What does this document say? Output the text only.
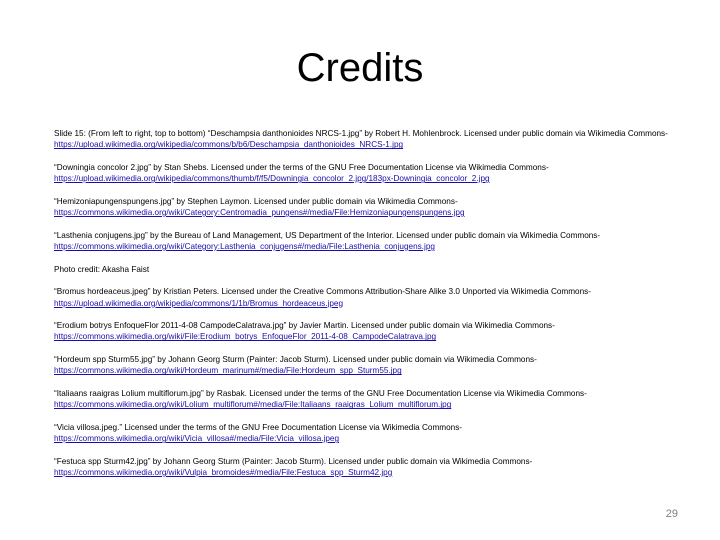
Credits

Slide 15: (From left to right, top to bottom) “Deschampsia danthonioides NRCS-1.jpg” by Robert H. Mohlenbrock. Licensed under public domain via Wikimedia Commons- https://upload.wikimedia.org/wikipedia/commons/b/b6/Deschampsia_danthonioides_NRCS-1.jpg

“Downingia concolor 2.jpg” by Stan Shebs. Licensed under the terms of the GNU Free Documentation License via Wikimedia Commons- https://upload.wikimedia.org/wikipedia/commons/thumb/f/f5/Downingia_concolor_2.jpg/183px-Downingia_concolor_2.jpg

“Hemizoniapungenspungens.jpg” by Stephen Laymon. Licensed under public domain via Wikimedia Commons- https://commons.wikimedia.org/wiki/Category:Centromadia_pungens#/media/File:Hemizoniapungenspungens.jpg

“Lasthenia conjugens.jpg” by the Bureau of Land Management, US Department of the Interior. Licensed under public domain via Wikimedia Commons- https://commons.wikimedia.org/wiki/Category:Lasthenia_conjugens#/media/File:Lasthenia_conjugens.jpg

Photo credit: Akasha Faist

“Bromus hordeaceus.jpeg” by Kristian Peters. Licensed under the Creative Commons Attribution-Share Alike 3.0 Unported via Wikimedia Commons- https://upload.wikimedia.org/wikipedia/commons/1/1b/Bromus_hordeaceus.jpeg

“Erodium botrys EnfoqueFlor 2011-4-08 CampodeCalatrava.jpg” by Javier Martin. Licensed under public domain via Wikimedia Commons- https://commons.wikimedia.org/wiki/File:Erodium_botrys_EnfoqueFlor_2011-4-08_CampodeCalatrava.jpg

“Hordeum spp Sturm55.jpg” by Johann Georg Sturm (Painter: Jacob Sturm). Licensed under public domain via Wikimedia Commons- https://commons.wikimedia.org/wiki/Hordeum_marinum#/media/File:Hordeum_spp_Sturm55.jpg

“Italiaans raaigras Lolium multiflorum.jpg” by Rasbak. Licensed under the terms of the GNU Free Documentation License via Wikimedia Commons- https://commons.wikimedia.org/wiki/Lolium_multiflorum#/media/File:Italiaans_raaigras_Lolium_multiflorum.jpg

“Vicia villosa.jpeg.” Licensed under the terms of the GNU Free Documentation License via Wikimedia Commons- https://commons.wikimedia.org/wiki/Vicia_villosa#/media/File:Vicia_villosa.jpeg

“Festuca spp Sturm42.jpg” by Johann Georg Sturm (Painter: Jacob Sturm). Licensed under public domain via Wikimedia Commons- https://commons.wikimedia.org/wiki/Vulpia_bromoides#/media/File:Festuca_spp_Sturm42.jpg

29
